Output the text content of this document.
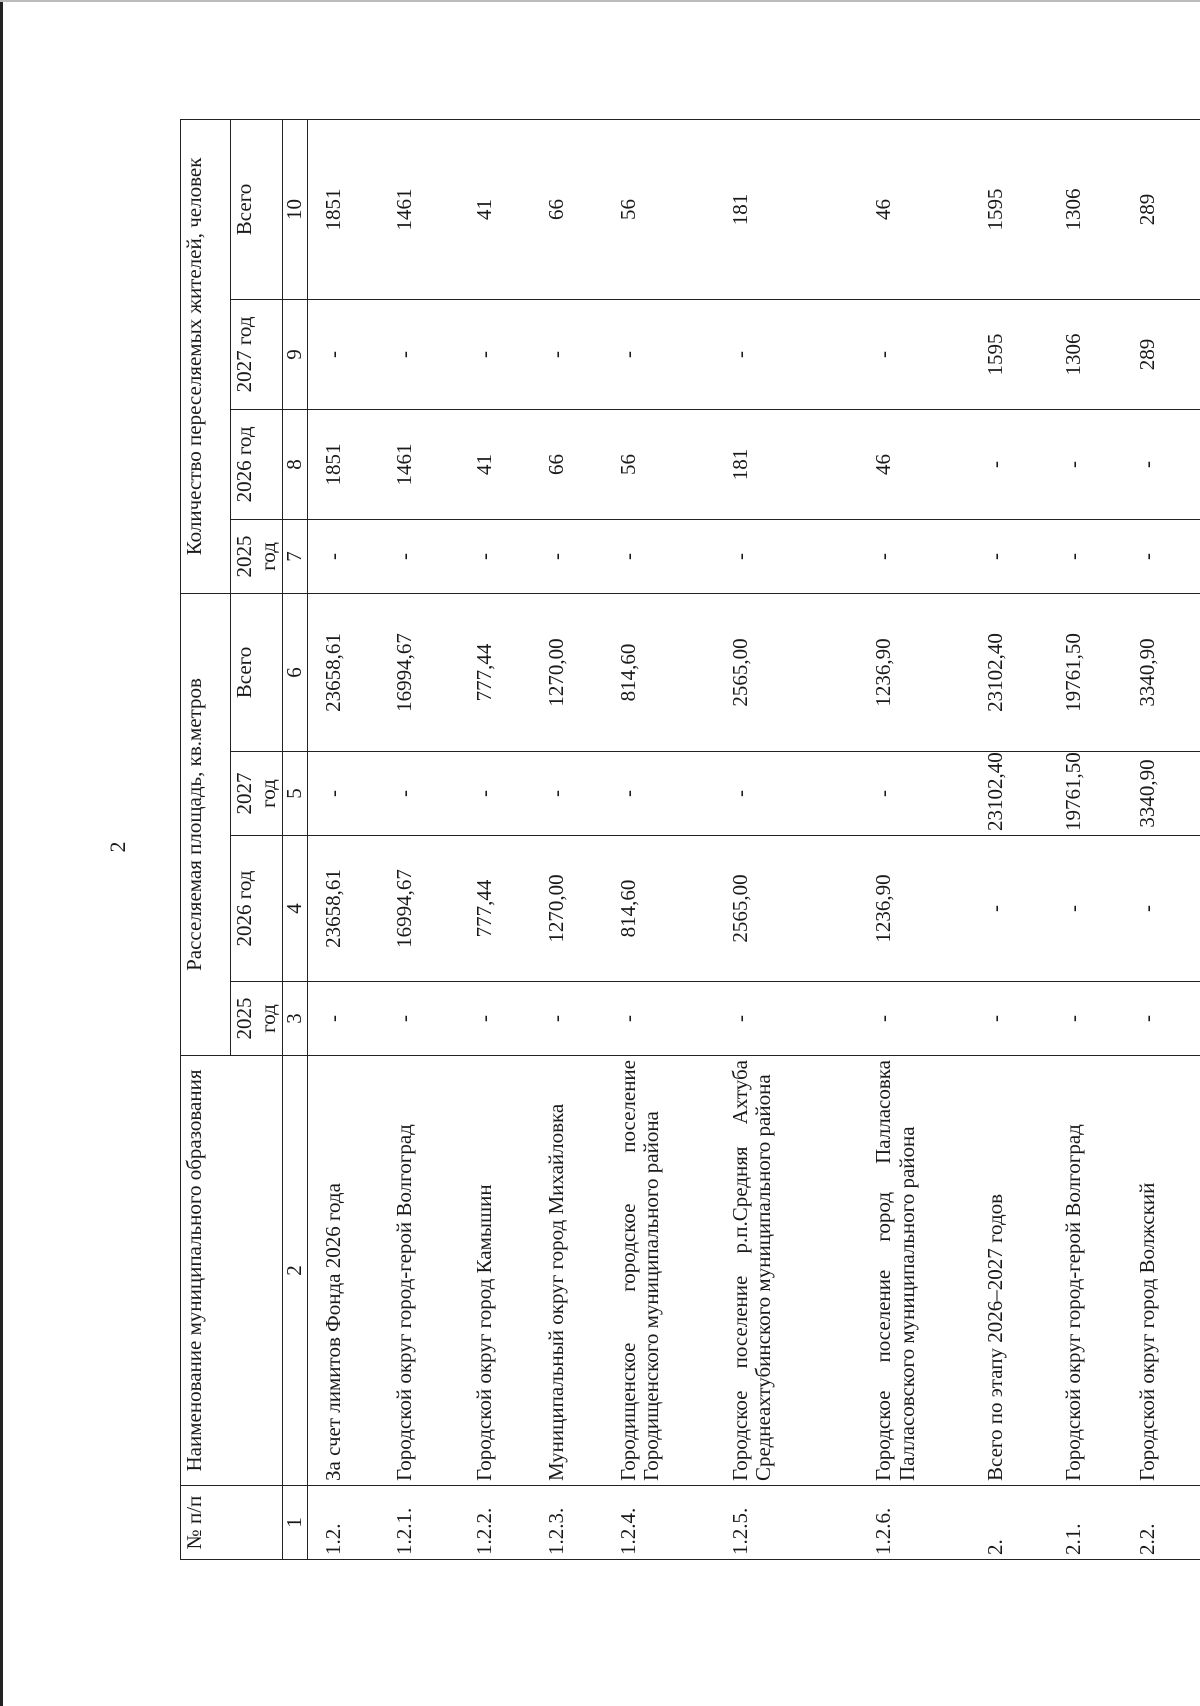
2
№ п/п	Наименование муниципального образования	Расселяемая площадь, кв.метров				Количество переселяемых жителей, человек			
		2025 год	2026 год	2027 год	Всего	2025 год	2026 год	2027 год	Всего
1	2	3	4	5	6	7	8	9	10
1.2.	За счет лимитов Фонда 2026 года	-	23658,61	-	23658,61	-	1851	-	1851
1.2.1.	Городской округ город-герой Волгоград	-	16994,67	-	16994,67	-	1461	-	1461
1.2.2.	Городской округ город Камышин	-	777,44	-	777,44	-	41	-	41
1.2.3.	Муниципальный округ город Михайловка	-	1270,00	-	1270,00	-	66	-	66
1.2.4.	Городищенское городское поселение Городищенского муниципального района	-	814,60	-	814,60	-	56	-	56
1.2.5.	Городское поселение р.п.Средняя Ахтуба Среднеахтубинского муниципального района	-	2565,00	-	2565,00	-	181	-	181
1.2.6.	Городское поселение город Палласовка Палласовского муниципального района	-	1236,90	-	1236,90	-	46	-	46
2.	Всего по этапу 2026–2027 годов	-	-	23102,40	23102,40	-	-	1595	1595
2.1.	Городской округ город-герой Волгоград	-	-	19761,50	19761,50	-	-	1306	1306
2.2.	Городской округ город Волжский	-	-	3340,90	3340,90	-	-	289	289
